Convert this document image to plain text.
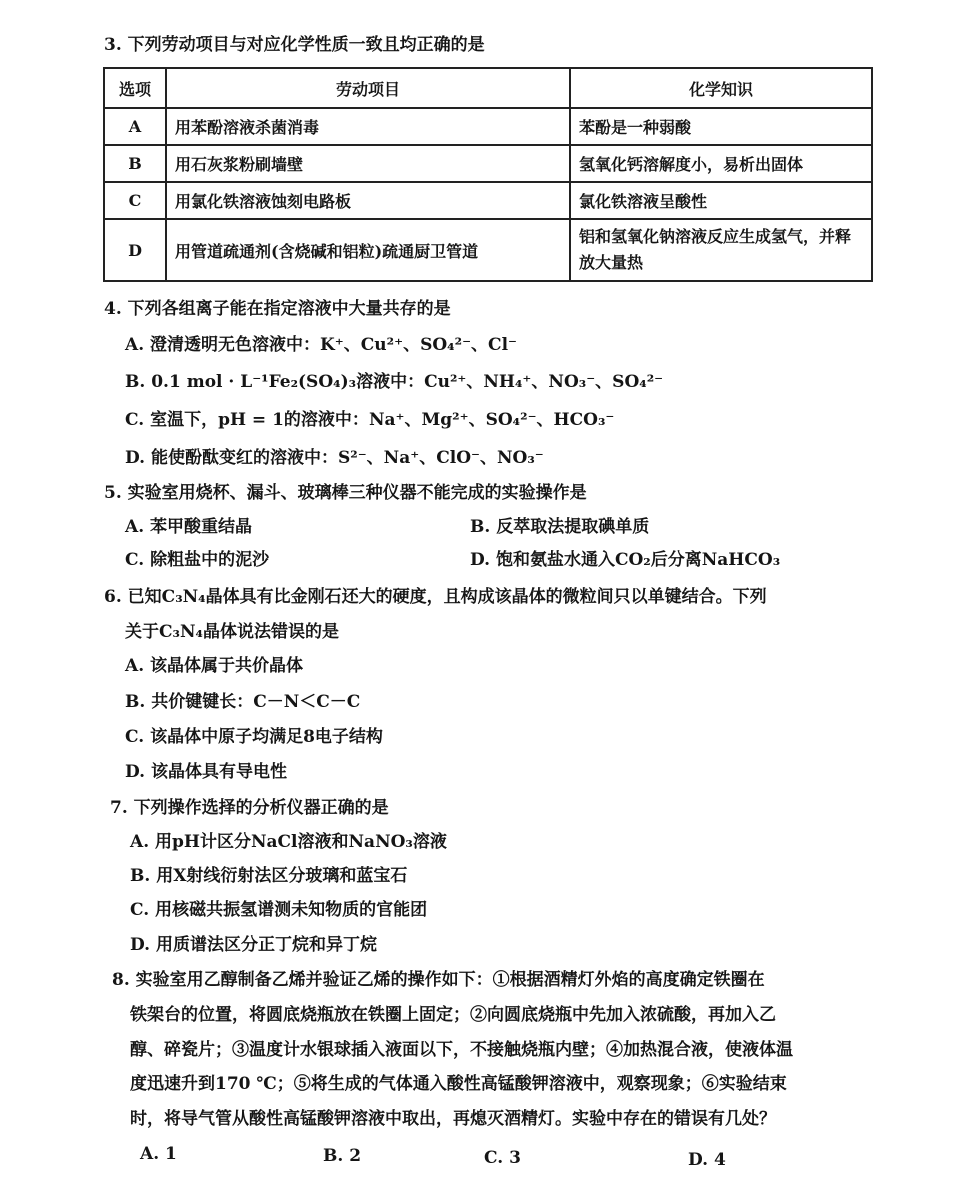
3. 下列劳动项目与对应化学性质一致且均正确的是
选项	劳动项目	化学知识
A	用苯酚溶液杀菌消毒	苯酚是一种弱酸
B	用石灰浆粉刷墙壁	氢氧化钙溶解度小，易析出固体
C	用氯化铁溶液蚀刻电路板	氯化铁溶液呈酸性
D	用管道疏通剂(含烧碱和铝粒)疏通厨卫管道	铝和氢氧化钠溶液反应生成氢气，并释放大量热
4. 下列各组离子能在指定溶液中大量共存的是
A. 澄清透明无色溶液中：K⁺、Cu²⁺、SO₄²⁻、Cl⁻
B. 0.1 mol · L⁻¹Fe₂(SO₄)₃溶液中：Cu²⁺、NH₄⁺、NO₃⁻、SO₄²⁻
C. 室温下，pH = 1的溶液中：Na⁺、Mg²⁺、SO₄²⁻、HCO₃⁻
D. 能使酚酞变红的溶液中：S²⁻、Na⁺、ClO⁻、NO₃⁻
5. 实验室用烧杯、漏斗、玻璃棒三种仪器不能完成的实验操作是
A. 苯甲酸重结晶	B. 反萃取法提取碘单质
C. 除粗盐中的泥沙	D. 饱和氨盐水通入CO₂后分离NaHCO₃
6. 已知C₃N₄晶体具有比金刚石还大的硬度，且构成该晶体的微粒间只以单键结合。下列
关于C₃N₄晶体说法错误的是
A. 该晶体属于共价晶体
B. 共价键键长：C－N＜C－C
C. 该晶体中原子均满足8电子结构
D. 该晶体具有导电性
7. 下列操作选择的分析仪器正确的是
A. 用pH计区分NaCl溶液和NaNO₃溶液
B. 用X射线衍射法区分玻璃和蓝宝石
C. 用核磁共振氢谱测未知物质的官能团
D. 用质谱法区分正丁烷和异丁烷
8. 实验室用乙醇制备乙烯并验证乙烯的操作如下：①根据酒精灯外焰的高度确定铁圈在
铁架台的位置，将圆底烧瓶放在铁圈上固定；②向圆底烧瓶中先加入浓硫酸，再加入乙
醇、碎瓷片；③温度计水银球插入液面以下，不接触烧瓶内壁；④加热混合液，使液体温
度迅速升到170 ℃；⑤将生成的气体通入酸性高锰酸钾溶液中，观察现象；⑥实验结束
时，将导气管从酸性高锰酸钾溶液中取出，再熄灭酒精灯。实验中存在的错误有几处？
A. 1	B. 2	C. 3	D. 4
